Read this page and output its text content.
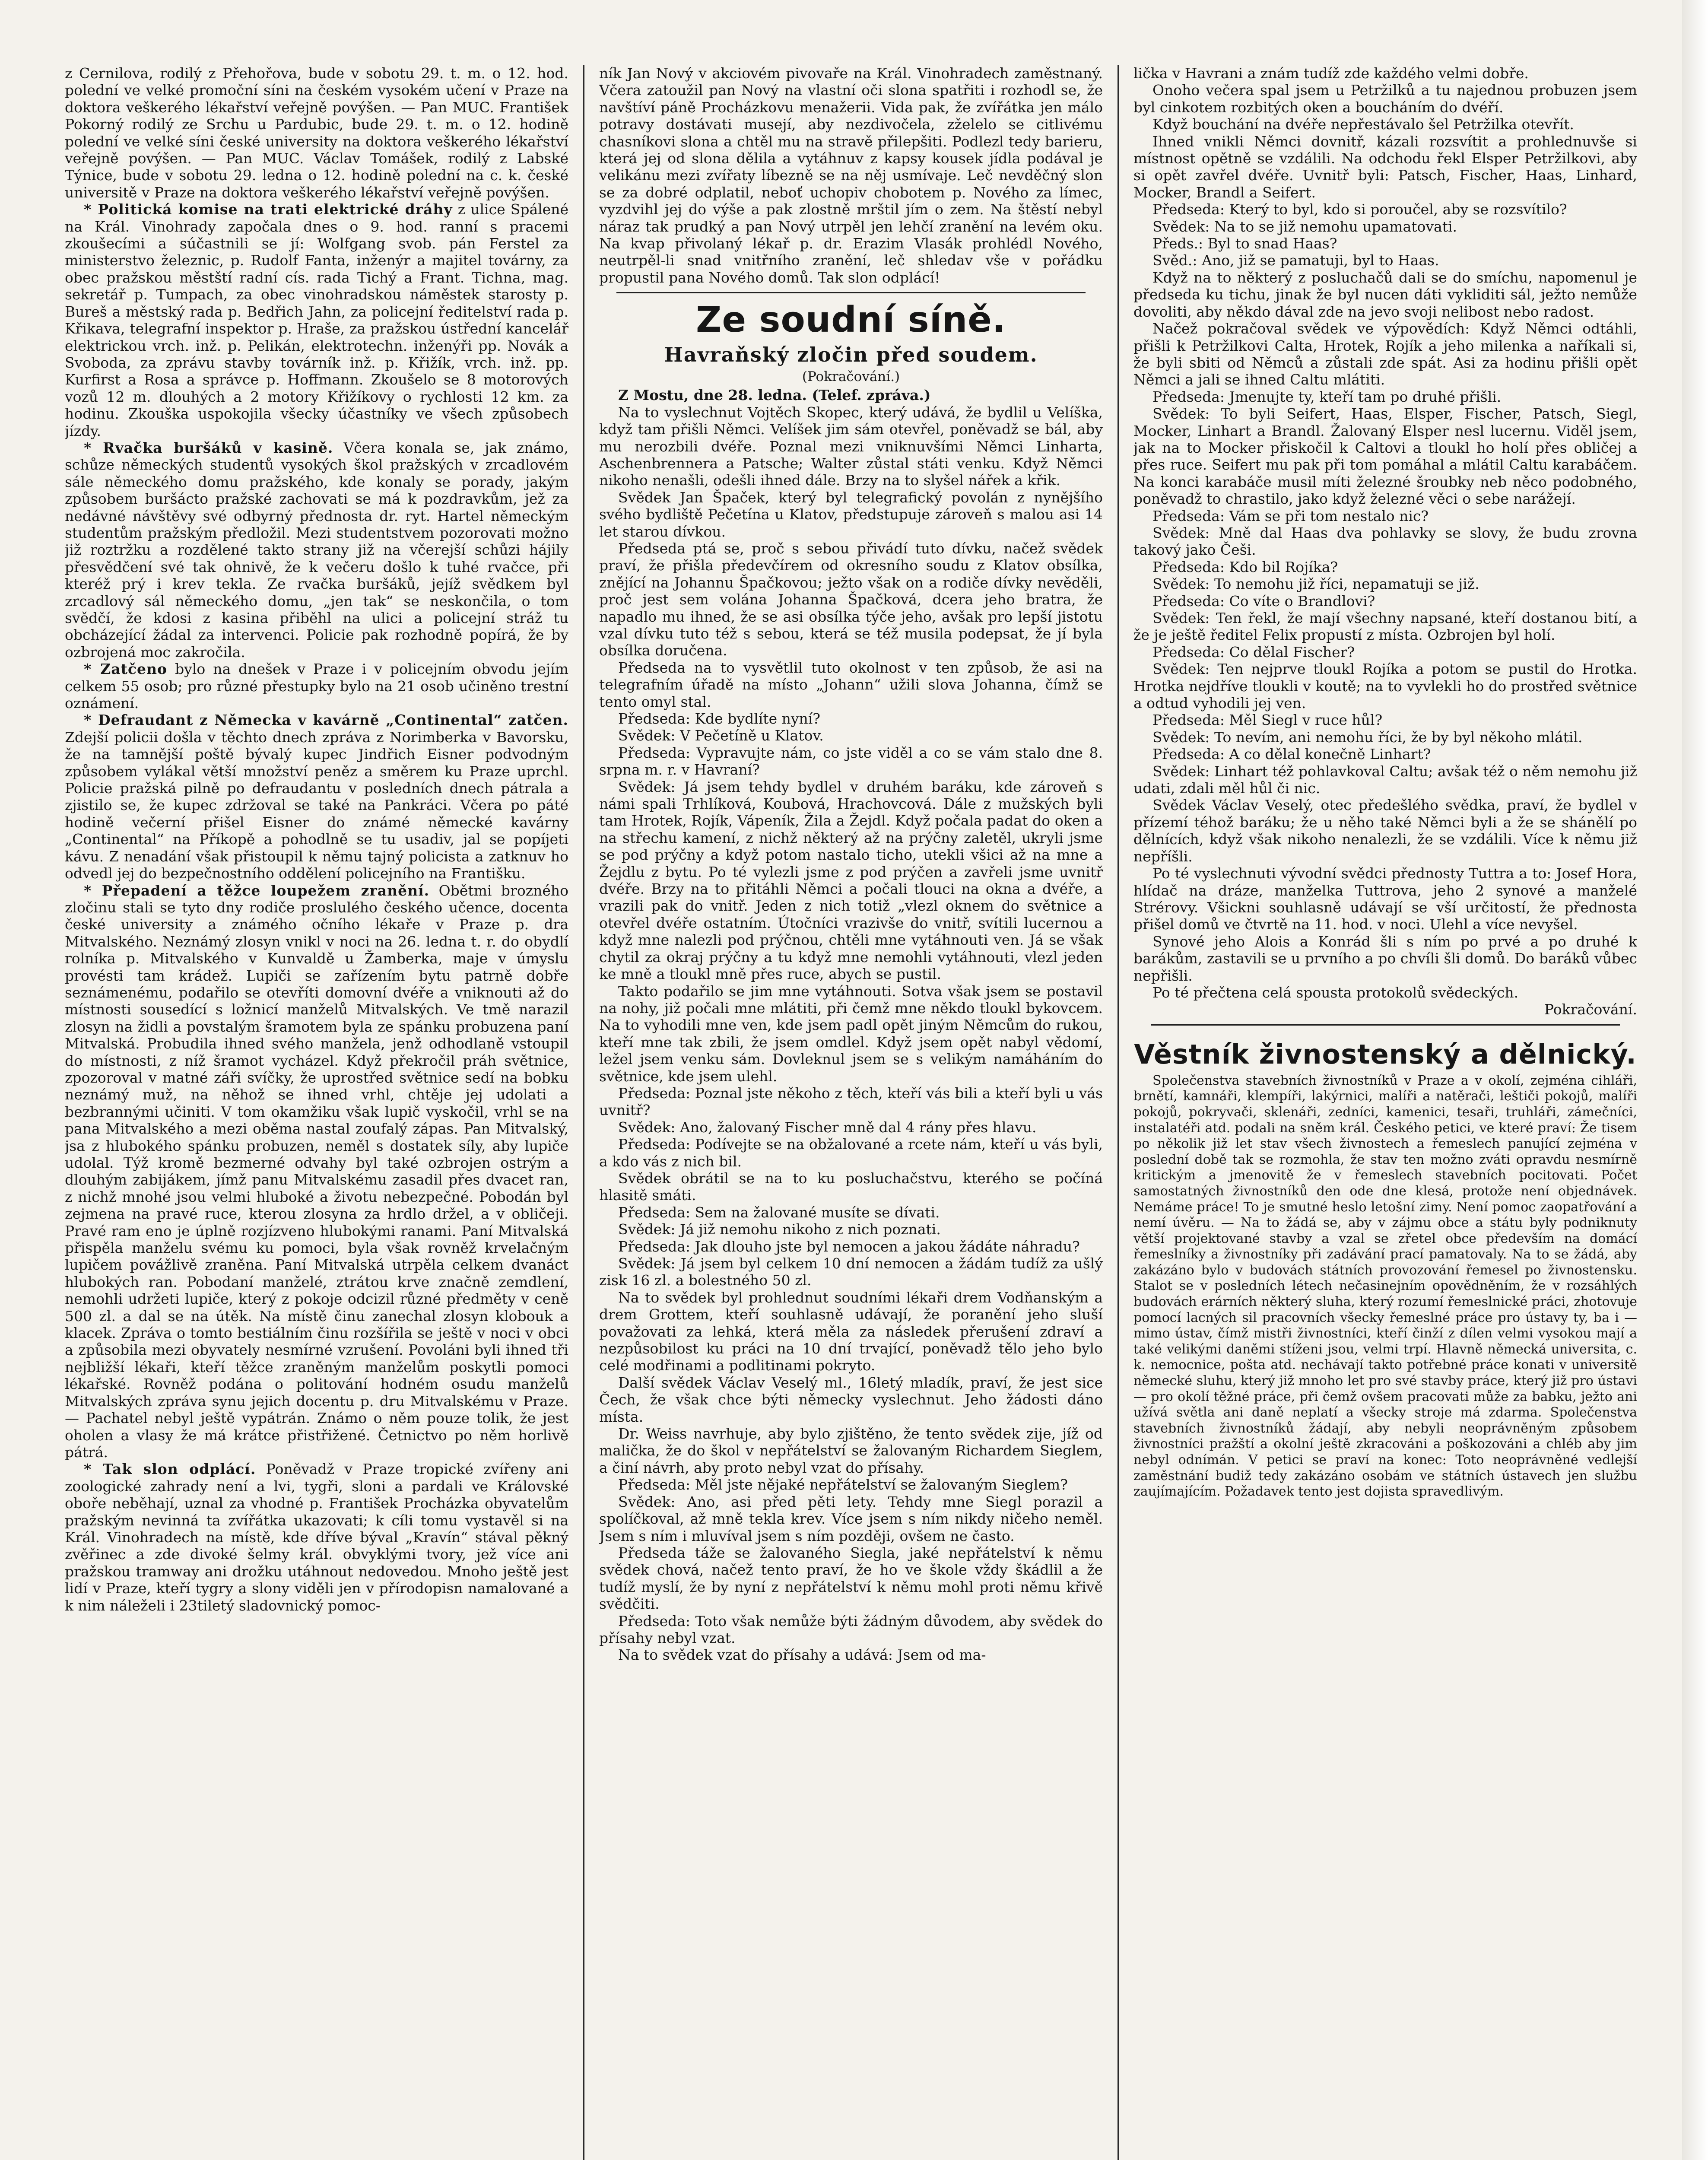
z Cernilova, rodilý z Přehořova, bude v sobotu 29. t. m. o 12. hod. polední ve velké promoční síni na českém vysokém učení v Praze na doktora veškerého lékařství veřejně povýšen. — Pan MUC. František Pokorný rodilý ze Srchu u Pardubic, bude 29. t. m. o 12. hodině polední ve velké síni české university na doktora veškerého lékařství veřejně povýšen. — Pan MUC. Václav Tomášek, rodilý z Labské Týnice, bude v sobotu 29. ledna o 12. hodině polední na c. k. české universitě v Praze na doktora veškerého lékařství veřejně povýšen.

* Politická komise na trati elektrické dráhy z ulice Spálené na Král. Vinohrady započala dnes o 9. hod. ranní s pracemi zkoušecími a súčastnili se jí: Wolfgang svob. pán Ferstel za ministerstvo železnic, p. Rudolf Fanta, inženýr a majitel továrny, za obec pražskou městští radní cís. rada Tichý a Frant. Tichna, mag. sekretář p. Tumpach, za obec vinohradskou náměstek starosty p. Bureš a městský rada p. Bedřich Jahn, za policejní ředitelství rada p. Křikava, telegrafní inspektor p. Hraše, za pražskou ústřední kancelář elektrickou vrch. inž. p. Pelikán, elektrotechn. inženýři pp. Novák a Svoboda, za zprávu stavby továrník inž. p. Křižík, vrch. inž. pp. Kurfirst a Rosa a správce p. Hoffmann. Zkoušelo se 8 motorových vozů 12 m. dlouhých a 2 motory Křižíkovy o rychlosti 12 km. za hodinu. Zkouška uspokojila všecky účastníky ve všech způsobech jízdy.

* Rvačka buršáků v kasině. Včera konala se, jak známo, schůze německých studentů vysokých škol pražských v zrcadlovém sále německého domu pražského, kde konaly se porady, jakým způsobem buršácto pražské zachovati se má k pozdravkům, jež za nedávné návštěvy své odbyrný přednosta dr. ryt. Hartel německým studentům pražským předložil. Mezi studentstvem pozorovati možno již roztržku a rozdělené takto strany již na včerejší schůzi hájily přesvědčení své tak ohnivě, že k večeru došlo k tuhé rvačce, při kteréž prý i krev tekla. Ze rvačka buršáků, jejíž svědkem byl zrcadlový sál německého domu, „jen tak“ se neskončila, o tom svědčí, že kdosi z kasina přiběhl na ulici a policejní stráž tu obcházející žádal za intervenci. Policie pak rozhodně popírá, že by ozbrojená moc zakročila.

* Zatčeno bylo na dnešek v Praze i v policejním obvodu jejím celkem 55 osob; pro různé přestupky bylo na 21 osob učiněno trestní oznámení.

* Defraudant z Německa v kavárně „Continental“ zatčen. Zdejší policii došla v těchto dnech zpráva z Norimberka v Bavorsku, že na tamnější poště bývalý kupec Jindřich Eisner podvodným způsobem vylákal větší množství peněz a směrem ku Praze uprchl. Policie pražská pilně po defraudantu v posledních dnech pátrala a zjistilo se, že kupec zdržoval se také na Pankráci. Včera po páté hodině večerní přišel Eisner do známé německé kavárny „Continental“ na Příkopě a pohodlně se tu usadiv, jal se popíjeti kávu. Z nenadání však přistoupil k němu tajný policista a zatknuv ho odvedl jej do bezpečnostního oddělení policejního na Františku.

* Přepadení a těžce loupežem zranění. Obětmi brozného zločinu stali se tyto dny rodiče proslulého českého učence, docenta české university a známého očního lékaře v Praze p. dra Mitvalského. Neznámý zlosyn vnikl v noci na 26. ledna t. r. do obydlí rolníka p. Mitvalského v Kunvaldě u Žamberka, maje v úmyslu provésti tam krádež. Lupiči se zařízením bytu patrně dobře seznámenému, podařilo se otevříti domovní dvéře a vniknouti až do místnosti sousedící s ložnicí manželů Mitvalských. Ve tmě narazil zlosyn na židli a povstalým šramotem byla ze spánku probuzena paní Mitvalská. Probudila ihned svého manžela, jenž odhodlaně vstoupil do místnosti, z níž šramot vycházel. Když překročil práh světnice, zpozoroval v matné záři svíčky, že uprostřed světnice sedí na bobku neznámý muž, na něhož se ihned vrhl, chtěje jej udolati a bezbrannými učiniti. V tom okamžiku však lupič vyskočil, vrhl se na pana Mitvalského a mezi oběma nastal zoufalý zápas. Pan Mitvalský, jsa z hlubokého spánku probuzen, neměl s dostatek síly, aby lupiče udolal. Týž kromě bezmerné odvahy byl také ozbrojen ostrým a dlouhým zabijákem, jímž panu Mitvalskému zasadil přes dvacet ran, z nichž mnohé jsou velmi hluboké a životu nebezpečné. Pobodán byl zejmena na pravé ruce, kterou zlosyna za hrdlo držel, a v obličeji. Pravé ram eno je úplně rozjízveno hlubokými ranami. Paní Mitvalská přispěla manželu svému ku pomoci, byla však rovněž krvelačným lupičem povážlivě zraněna. Paní Mitvalská utrpěla celkem dvanáct hlubokých ran. Pobodaní manželé, ztrátou krve značně zemdlení, nemohli udržeti lupiče, který z pokoje odcizil různé předměty v ceně 500 zl. a dal se na útěk. Na místě činu zanechal zlosyn klobouk a klacek. Zpráva o tomto bestiálním činu rozšířila se ještě v noci v obci a způsobila mezi obyvately nesmírné vzrušení. Povoláni byli ihned tři nejbližší lékaři, kteří těžce zraněným manželům poskytli pomoci lékařské. Rovněž podána o politování hodném osudu manželů Mitvalských zpráva synu jejich docentu p. dru Mitvalskému v Praze. — Pachatel nebyl ještě vypátrán. Známo o něm pouze tolik, že jest oholen a vlasy že má krátce přistřižené. Četnictvo po něm horlivě pátrá.

* Tak slon odplácí. Poněvadž v Praze tropické zvířeny ani zoologické zahrady není a lvi, tygři, sloni a pardali ve Královské oboře neběhají, uznal za vhodné p. František Procházka obyvatelům pražským nevinná ta zvířátka ukazovati; k cíli tomu vystavěl si na Král. Vinohradech na místě, kde dříve býval „Kravín“ stával pěkný zvěřinec a zde divoké šelmy král. obvyklými tvory, jež více ani pražskou tramway ani drožku utáhnout nedovedou. Mnoho ještě jest lidí v Praze, kteří tygry a slony viděli jen v přírodopisn namalované a k nim náleželi i 23tiletý sladovnický pomoc-

ník Jan Nový v akciovém pivovaře na Král. Vinohradech zaměstnaný. Včera zatoužil pan Nový na vlastní oči slona spatřiti i rozhodl se, že navštíví páně Procházkovu menažerii. Vida pak, že zvířátka jen málo potravy dostávati musejí, aby nezdivočela, zželelo se citlivému chasníkovi slona a chtěl mu na stravě přilepšiti. Podlezl tedy barieru, která jej od slona dělila a vytáhnuv z kapsy kousek jídla podával je velikánu mezi zvířaty líbezně se na něj usmívaje. Leč nevděčný slon se za dobré odplatil, neboť uchopiv chobotem p. Nového za límec, vyzdvihl jej do výše a pak zlostně mrštil jím o zem. Na štěstí nebyl náraz tak prudký a pan Nový utrpěl jen lehčí zranění na levém oku. Na kvap přivolaný lékař p. dr. Erazim Vlasák prohlédl Nového, neutrpěl-li snad vnitřního zranění, leč shledav vše v pořádku propustil pana Nového domů. Tak slon odplácí!

Ze soudní síně.
Havraňský zločin před soudem.
(Pokračování.)

Z Mostu, dne 28. ledna. (Telef. zpráva.)

Na to vyslechnut Vojtěch Skopec, který udává, že bydlil u Velíška, když tam přišli Němci. Velíšek jim sám otevřel, poněvadž se bál, aby mu nerozbili dvéře. Poznal mezi vniknuvšími Němci Linharta, Aschenbrennera a Patsche; Walter zůstal státi venku. Když Němci nikoho nenašli, odešli ihned dále. Brzy na to slyšel nářek a křik.

Svědek Jan Špaček, který byl telegrafický povolán z nynějšího svého bydliště Pečetína u Klatov, předstupuje zároveň s malou asi 14 let starou dívkou.

Předseda ptá se, proč s sebou přivádí tuto dívku, načež svědek praví, že přišla předevčírem od okresního soudu z Klatov obsílka, znějící na Johannu Špačkovou; ježto však on a rodiče dívky nevěděli, proč jest sem volána Johanna Špačková, dcera jeho bratra, že napadlo mu ihned, že se asi obsílka týče jeho, avšak pro lepší jistotu vzal dívku tuto též s sebou, která se též musila podepsat, že jí byla obsílka doručena.

Předseda na to vysvětlil tuto okolnost v ten způsob, že asi na telegrafním úřadě na místo „Johann“ užili slova Johanna, čímž se tento omyl stal.

Předseda: Kde bydlíte nyní?

Svědek: V Pečetíně u Klatov.

Předseda: Vypravujte nám, co jste viděl a co se vám stalo dne 8. srpna m. r. v Havraní?

Svědek: Já jsem tehdy bydlel v druhém baráku, kde zároveň s námi spali Trhlíková, Koubová, Hrachovcová. Dále z mužských byli tam Hrotek, Rojík, Vápeník, Žila a Žejdl. Když počala padat do oken a na střechu kamení, z nichž některý až na prýčny zaletěl, ukryli jsme se pod prýčny a když potom nastalo ticho, utekli všici až na mne a Žejdlu z bytu. Po té vylezli jsme z pod prýčen a zavřeli jsme uvnitř dvéře. Brzy na to přitáhli Němci a počali tlouci na okna a dvéře, a vrazili pak do vnitř. Jeden z nich totiž „vlezl oknem do světnice a otevřel dvéře ostatním. Útočníci vrazivše do vnitř, svítili lucernou a když mne nalezli pod prýčnou, chtěli mne vytáhnouti ven. Já se však chytil za okraj prýčny a tu když mne nemohli vytáhnouti, vlezl jeden ke mně a tloukl mně přes ruce, abych se pustil.

Takto podařilo se jim mne vytáhnouti. Sotva však jsem se postavil na nohy, již počali mne mlátiti, při čemž mne někdo tloukl bykovcem. Na to vyhodili mne ven, kde jsem padl opět jiným Němcům do rukou, kteří mne tak zbili, že jsem omdlel. Když jsem opět nabyl vědomí, ležel jsem venku sám. Dovleknul jsem se s velikým namáháním do světnice, kde jsem ulehl.

Předseda: Poznal jste někoho z těch, kteří vás bili a kteří byli u vás uvnitř?

Svědek: Ano, žalovaný Fischer mně dal 4 rány přes hlavu.

Předseda: Podívejte se na obžalované a rcete nám, kteří u vás byli, a kdo vás z nich bil.

Svědek obrátil se na to ku posluchačstvu, kterého se počíná hlasitě smáti.

Předseda: Sem na žalované musíte se dívati.

Svědek: Já již nemohu nikoho z nich poznati.

Předseda: Jak dlouho jste byl nemocen a jakou žádáte náhradu?

Svědek: Já jsem byl celkem 10 dní nemocen a žádám tudíž za ušlý zisk 16 zl. a bolestného 50 zl.

Na to svědek byl prohlednut soudními lékaři drem Vodňanským a drem Grottem, kteří souhlasně udávají, že poranění jeho sluší považovati za lehká, která měla za následek přerušení zdraví a nezpůsobilost ku práci na 10 dní trvající, poněvadž tělo jeho bylo celé modřinami a podlitinami pokryto.

Další svědek Václav Veselý ml., 16letý mladík, praví, že jest sice Čech, že však chce býti německy vyslechnut. Jeho žádosti dáno místa.

Dr. Weiss navrhuje, aby bylo zjištěno, že tento svědek zije, jíž od malička, že do škol v nepřátelství se žalovaným Richardem Sieglem, a činí návrh, aby proto nebyl vzat do přísahy.

Předseda: Měl jste nějaké nepřátelství se žalovaným Sieglem?

Svědek: Ano, asi před pěti lety. Tehdy mne Siegl porazil a spolíčkoval, až mně tekla krev. Více jsem s ním nikdy ničeho neměl. Jsem s ním i mluvíval jsem s ním později, ovšem ne často.

Předseda táže se žalovaného Siegla, jaké nepřátelství k němu svědek chová, načež tento praví, že ho ve škole vždy škádlil a že tudíž myslí, že by nyní z nepřátelství k němu mohl proti němu křivě svědčiti.

Předseda: Toto však nemůže býti žádným důvodem, aby svědek do přísahy nebyl vzat.

Na to svědek vzat do přísahy a udává: Jsem od ma-

lička v Havrani a znám tudíž zde každého velmi dobře.

Onoho večera spal jsem u Petržilků a tu najednou probuzen jsem byl cinkotem rozbitých oken a boucháním do dvéří.

Když bouchání na dvéře nepřestávalo šel Petržilka otevřít.

Ihned vnikli Němci dovnitř, kázali rozsvítit a prohlednuvše si místnost opětně se vzdálili. Na odchodu řekl Elsper Petržilkovi, aby si opět zavřel dvéře. Uvnitř byli: Patsch, Fischer, Haas, Linhard, Mocker, Brandl a Seifert.

Předseda: Který to byl, kdo si poroučel, aby se rozsvítilo?

Svědek: Na to se již nemohu upamatovati.

Předs.: Byl to snad Haas?

Svěd.: Ano, již se pamatuji, byl to Haas.

Když na to některý z posluchačů dali se do smíchu, napomenul je předseda ku tichu, jinak že byl nucen dáti vykliditi sál, ježto nemůže dovoliti, aby někdo dával zde na jevo svoji nelibost nebo radost.

Načež pokračoval svědek ve výpovědích: Když Němci odtáhli, přišli k Petržilkovi Caltа, Hrotek, Rojík a jeho milenka a naříkali si, že byli sbiti od Němců a zůstali zde spát. Asi za hodinu přišli opět Němci a jali se ihned Caltu mlátiti.

Předseda: Jmenujte ty, kteří tam po druhé přišli.

Svědek: To byli Seifert, Haas, Elsper, Fischer, Patsch, Siegl, Mocker, Linhart a Brandl. Žalovaný Elsper nesl lucernu. Viděl jsem, jak na to Mocker přiskočil k Caltovi a tloukl ho holí přes obličej a přes ruce. Seifert mu pak při tom pomáhal a mlátil Caltu karabáčem. Na konci karabáče musil míti železné šroubky neb něco podobného, poněvadž to chrastilo, jako když železné věci o sebe narážejí.

Předseda: Vám se při tom nestalo nic?

Svědek: Mně dal Haas dva pohlavky se slovy, že budu zrovna takový jako Češi.

Předseda: Kdo bil Rojíka?

Svědek: To nemohu již říci, nepamatuji se již.

Předseda: Co víte o Brandlovi?

Svědek: Ten řekl, že mají všechny napsané, kteří dostanou bití, a že je ještě ředitel Felix propustí z místa. Ozbrojen byl holí.

Předseda: Co dělal Fischer?

Svědek: Ten nejprve tloukl Rojíka a potom se pustil do Hrotka. Hrotka nejdříve tloukli v koutě; na to vyvlekli ho do prostřed světnice a odtud vyhodili jej ven.

Předseda: Měl Siegl v ruce hůl?

Svědek: To nevím, ani nemohu říci, že by byl někoho mlátil.

Předseda: A co dělal konečně Linhart?

Svědek: Linhart též pohlavkoval Caltu; avšak též o něm nemohu již udati, zdali měl hůl či nic.

Svědek Václav Veselý, otec předešlého svědka, praví, že bydlel v přízemí téhož baráku; že u něho také Němci byli a že se shánělí po dělnících, když však nikoho nenalezli, že se vzdálili. Více k němu již nepříšli.

Po té vyslechnuti vývodní svědci přednosty Tuttra a to: Josef Hora, hlídač na dráze, manželka Tuttrova, jeho 2 synové a manželé Strérovy. Všickni souhlasně udávají se vší určitostí, že přednosta přišel domů ve čtvrtě na 11. hod. v noci. Ulehl a více nevyšel.

Synové jeho Alois a Konrád šli s ním po prvé a po druhé k barákům, zastavili se u prvního a po chvíli šli domů. Do baráků vůbec nepřišli.

Po té přečtena celá spousta protokolů svědeckých.

Pokračování.

Věstník živnostenský a dělnický.

Společenstva stavebních živnostníků v Praze a v okolí, zejména cihláři, brnětí, kamnáři, klempíři, lakýrnici, malíři a natěrači, leštiči pokojů, malíři pokojů, pokryvači, sklenáři, zedníci, kamenici, tesaři, truhláři, zámečníci, instalatéři atd. podali na sněm král. Českého petici, ve které praví: Že tisem po několik již let stav všech živnostech a řemeslech panující zejména v poslední době tak se rozmohla, že stav ten možno zváti opravdu nesmírně kritickým a jmenovitě že v řemeslech stavebních pocitovati. Počet samostatných živnostníků den ode dne klesá, protože není objednávek. Nemáme práce! To je smutné heslo letošní zimy. Není pomoc zaopatřování a nemí úvěru. — Na to žádá se, aby v zájmu obce a státu byly podniknuty větší projektované stavby a vzal se zřetel obce především na domácí řemeslníky a živnostníky při zadávání prací pamatovaly. Na to se žádá, aby zakázáno bylo v budovách státních provozování řemesel po živnostensku. Stalot se v posledních létech nečasinejním opovědněním, že v rozsáhlých budovách erárních některý sluha, který rozumí řemeslnické práci, zhotovuje pomocí lacných sil pracovních všecky řemeslné práce pro ústavy ty, ba i — mimo ústav, čímž mistři živnostníci, kteří činží z dílen velmi vysokou mají a také velikými daněmi stíženi jsou, velmi trpí. Hlavně německá universita, c. k. nemocnice, pošta atd. nechávají takto potřebné práce konati v universitě německé sluhu, který již mnoho let pro své stavby práce, který již pro ústavi — pro okolí těžné práce, při čemž ovšem pracovati může za babku, ježto ani užívá světla ani daně neplatí a všecky stroje má zdarma. Společenstva stavebních živnostníků žádají, aby nebyli neoprávněným způsobem živnostníci pražští a okolní ještě zkracováni a poškozováni a chléb aby jim nebyl odnímán. V petici se praví na konec: Toto neoprávněné vedlejší zaměstnání budiž tedy zakázáno osobám ve státních ústavech jen službu zaujímajícím. Požadavek tento jest dojista spravedlivým.
